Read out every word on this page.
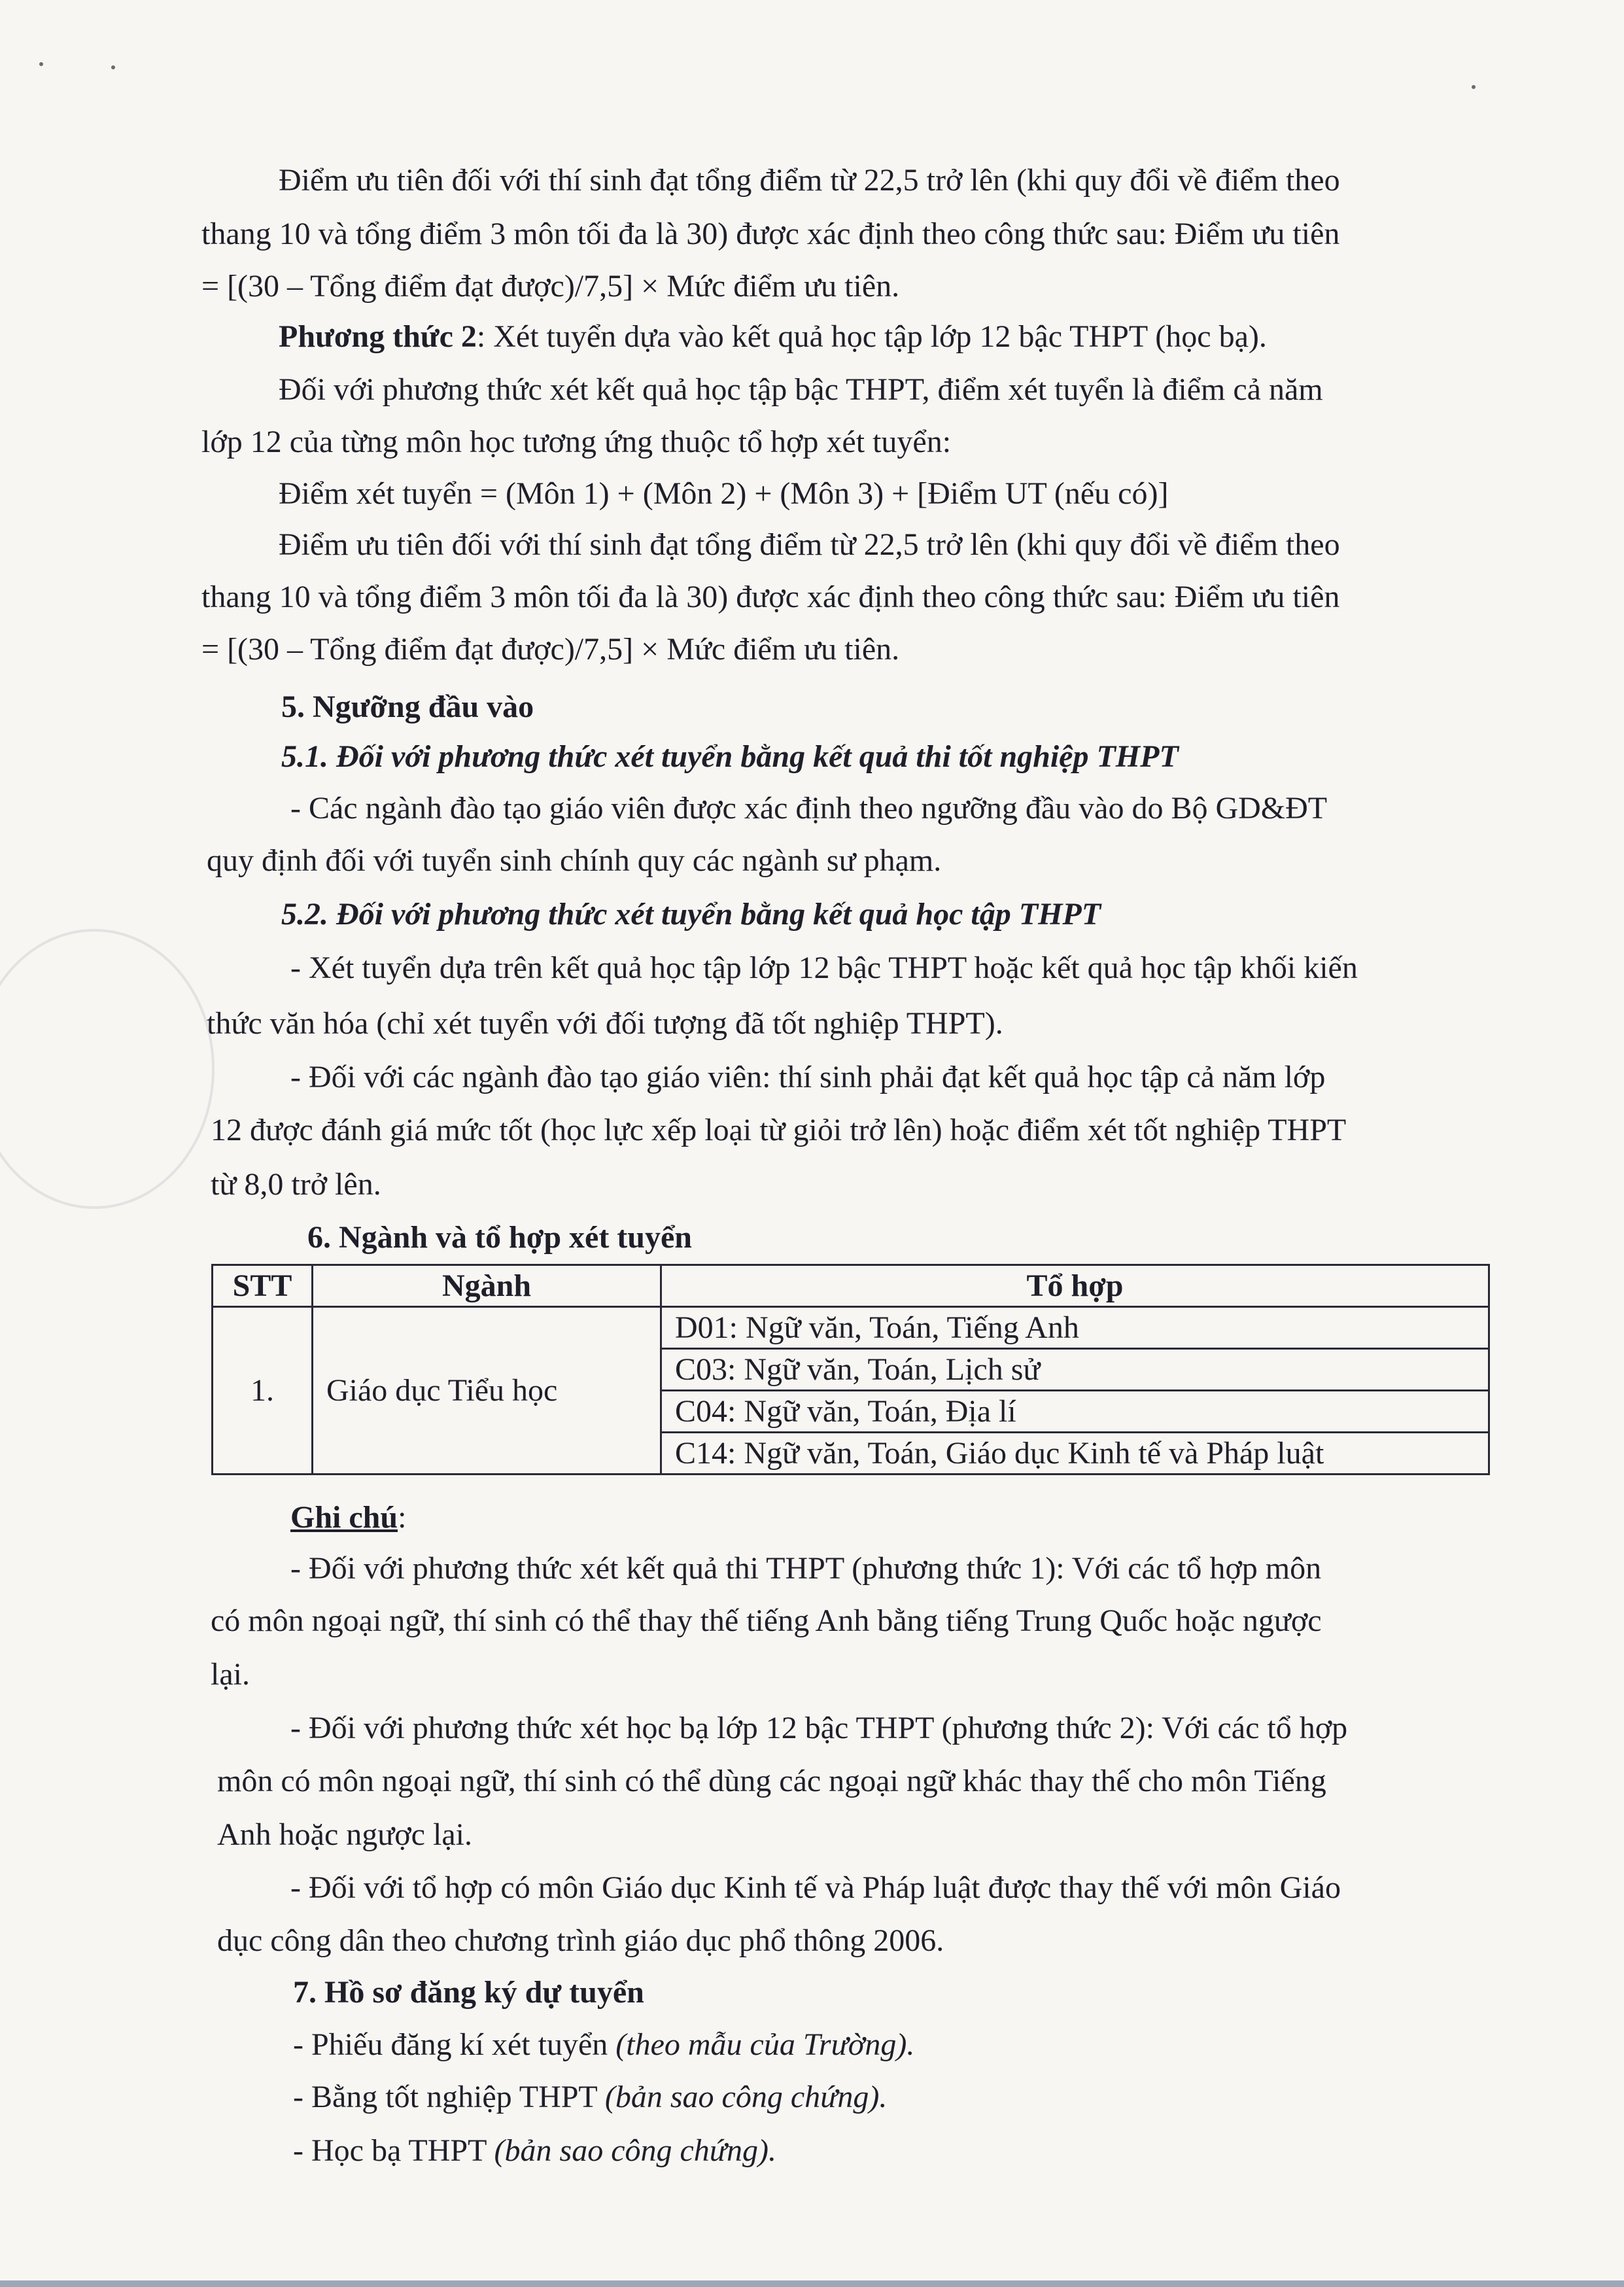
Điểm ưu tiên đối với thí sinh đạt tổng điểm từ 22,5 trở lên (khi quy đổi về điểm theo
thang 10 và tổng điểm 3 môn tối đa là 30) được xác định theo công thức sau: Điểm ưu tiên
= [(30 – Tổng điểm đạt được)/7,5] × Mức điểm ưu tiên.
Phương thức 2: Xét tuyển dựa vào kết quả học tập lớp 12 bậc THPT (học bạ).
Đối với phương thức xét kết quả học tập bậc THPT, điểm xét tuyển là điểm cả năm
lớp 12 của từng môn học tương ứng thuộc tổ hợp xét tuyển:
Điểm xét tuyển = (Môn 1) + (Môn 2) + (Môn 3) + [Điểm UT (nếu có)]
Điểm ưu tiên đối với thí sinh đạt tổng điểm từ 22,5 trở lên (khi quy đổi về điểm theo
thang 10 và tổng điểm 3 môn tối đa là 30) được xác định theo công thức sau: Điểm ưu tiên
= [(30 – Tổng điểm đạt được)/7,5] × Mức điểm ưu tiên.
5. Ngưỡng đầu vào
5.1. Đối với phương thức xét tuyển bằng kết quả thi tốt nghiệp THPT
- Các ngành đào tạo giáo viên được xác định theo ngưỡng đầu vào do Bộ GD&ĐT
quy định đối với tuyển sinh chính quy các ngành sư phạm.
5.2. Đối với phương thức xét tuyển bằng kết quả học tập THPT
- Xét tuyển dựa trên kết quả học tập lớp 12 bậc THPT hoặc kết quả học tập khối kiến
thức văn hóa (chỉ xét tuyển với đối tượng đã tốt nghiệp THPT).
- Đối với các ngành đào tạo giáo viên: thí sinh phải đạt kết quả học tập cả năm lớp
12 được đánh giá mức tốt (học lực xếp loại từ giỏi trở lên) hoặc điểm xét tốt nghiệp THPT
từ 8,0 trở lên.
6. Ngành và tổ hợp xét tuyển
STT	Ngành	Tổ hợp
1.	Giáo dục Tiểu học	D01: Ngữ văn, Toán, Tiếng Anh
		C03: Ngữ văn, Toán, Lịch sử
		C04: Ngữ văn, Toán, Địa lí
		C14: Ngữ văn, Toán, Giáo dục Kinh tế và Pháp luật
Ghi chú:
- Đối với phương thức xét kết quả thi THPT (phương thức 1): Với các tổ hợp môn
có môn ngoại ngữ, thí sinh có thể thay thế tiếng Anh bằng tiếng Trung Quốc hoặc ngược
lại.
- Đối với phương thức xét học bạ lớp 12 bậc THPT (phương thức 2): Với các tổ hợp
môn có môn ngoại ngữ, thí sinh có thể dùng các ngoại ngữ khác thay thế cho môn Tiếng
Anh hoặc ngược lại.
- Đối với tổ hợp có môn Giáo dục Kinh tế và Pháp luật được thay thế với môn Giáo
dục công dân theo chương trình giáo dục phổ thông 2006.
7. Hồ sơ đăng ký dự tuyển
- Phiếu đăng kí xét tuyển (theo mẫu của Trường).
- Bằng tốt nghiệp THPT (bản sao công chứng).
- Học bạ THPT (bản sao công chứng).
